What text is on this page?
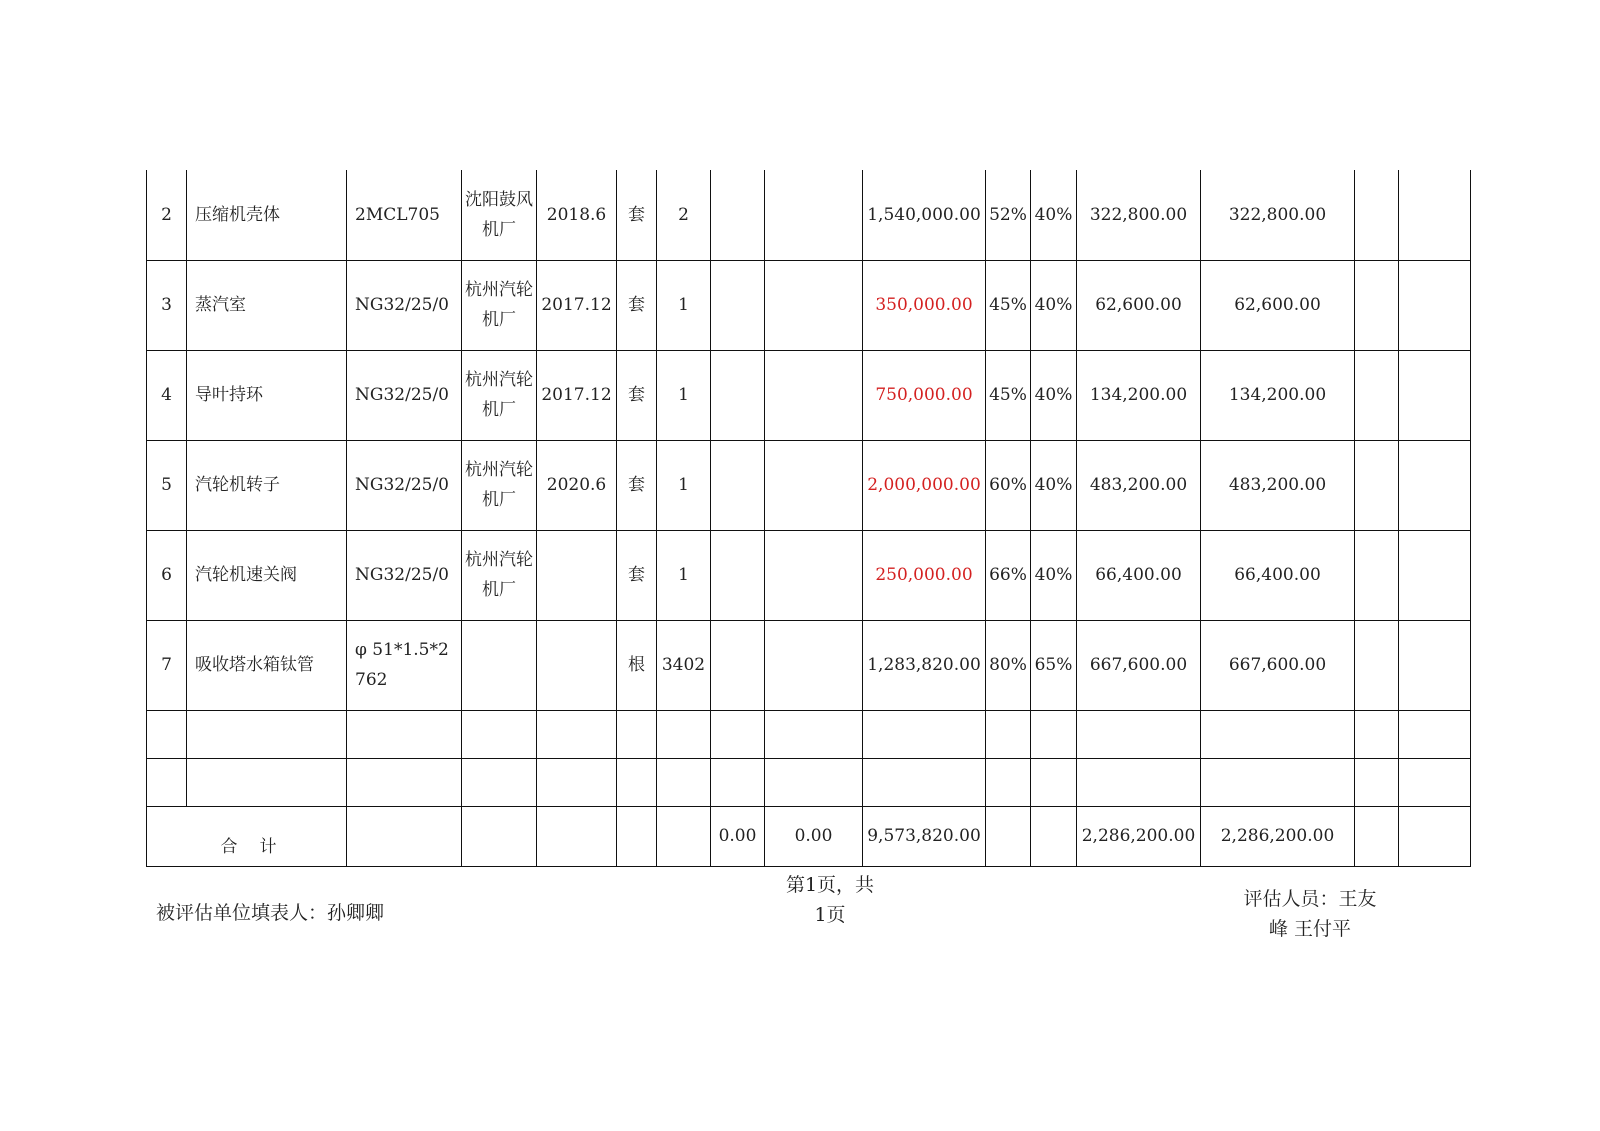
2	压缩机壳体	2MCL705	沈阳鼓风机厂	2018.6	套	2			1,540,000.00	52%	40%	322,800.00	322,800.00		
3	蒸汽室	NG32/25/0	杭州汽轮机厂	2017.12	套	1			350,000.00	45%	40%	62,600.00	62,600.00		
4	导叶持环	NG32/25/0	杭州汽轮机厂	2017.12	套	1			750,000.00	45%	40%	134,200.00	134,200.00		
5	汽轮机转子	NG32/25/0	杭州汽轮机厂	2020.6	套	1			2,000,000.00	60%	40%	483,200.00	483,200.00		
6	汽轮机速关阀	NG32/25/0	杭州汽轮机厂		套	1			250,000.00	66%	40%	66,400.00	66,400.00		
7	吸收塔水箱钛管	φ 51*1.5*2762			根	3402			1,283,820.00	80%	65%	667,600.00	667,600.00		

合计							0.00	0.00	9,573,820.00			2,286,200.00	2,286,200.00		
被评估单位填表人：孙卿卿
第1页，共1页
评估人员：王友峰 王付平
